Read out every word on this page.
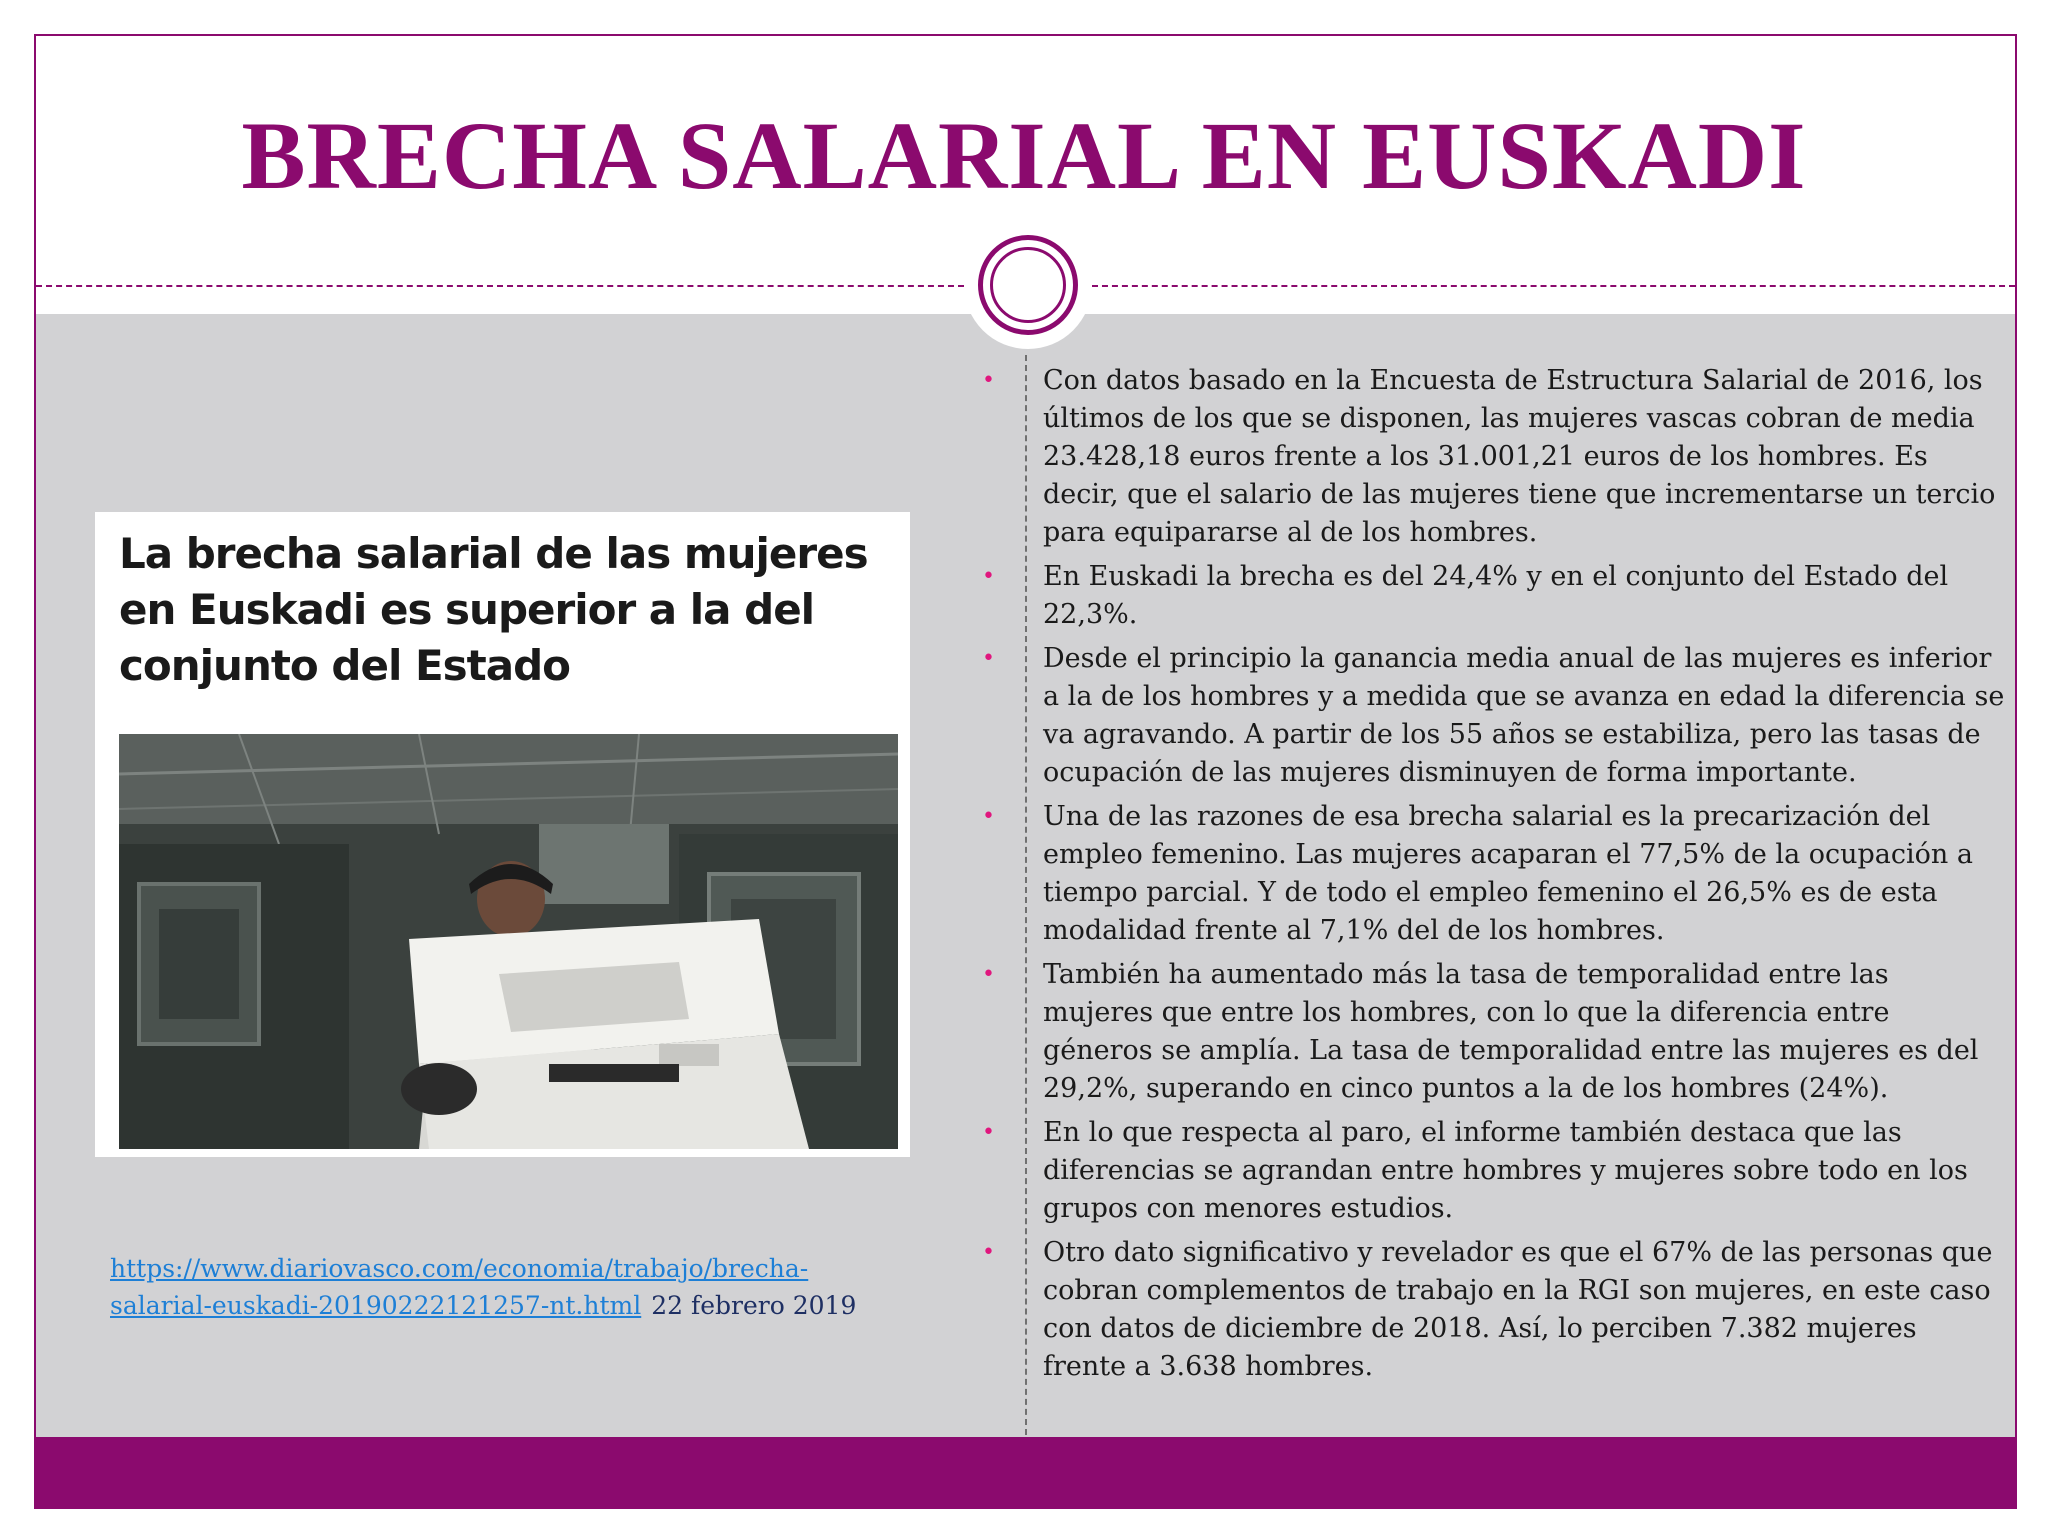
BRECHA SALARIAL EN EUSKADI

La brecha salarial de las mujeres en Euskadi es superior a la del conjunto del Estado

https://www.diariovasco.com/economia/trabajo/brecha-salarial-euskadi-20190222121257-nt.html 22 febrero 2019
• Con datos basado en la Encuesta de Estructura Salarial de 2016, los últimos de los que se disponen, las mujeres vascas cobran de media 23.428,18 euros frente a los 31.001,21 euros de los hombres. Es decir, que el salario de las mujeres tiene que incrementarse un tercio para equipararse al de los hombres.
• En Euskadi la brecha es del 24,4% y en el conjunto del Estado del 22,3%.
• Desde el principio la ganancia media anual de las mujeres es inferior a la de los hombres y a medida que se avanza en edad la diferencia se va agravando. A partir de los 55 años se estabiliza, pero las tasas de ocupación de las mujeres disminuyen de forma importante.
• Una de las razones de esa brecha salarial es la precarización del empleo femenino. Las mujeres acaparan el 77,5% de la ocupación a tiempo parcial. Y de todo el empleo femenino el 26,5% es de esta modalidad frente al 7,1% del de los hombres.
• También ha aumentado más la tasa de temporalidad entre las mujeres que entre los hombres, con lo que la diferencia entre géneros se amplía. La tasa de temporalidad entre las mujeres es del 29,2%, superando en cinco puntos a la de los hombres (24%).
• En lo que respecta al paro, el informe también destaca que las diferencias se agrandan entre hombres y mujeres sobre todo en los grupos con menores estudios.
• Otro dato significativo y revelador es que el 67% de las personas que cobran complementos de trabajo en la RGI son mujeres, en este caso con datos de diciembre de 2018. Así, lo perciben 7.382 mujeres frente a 3.638 hombres.
